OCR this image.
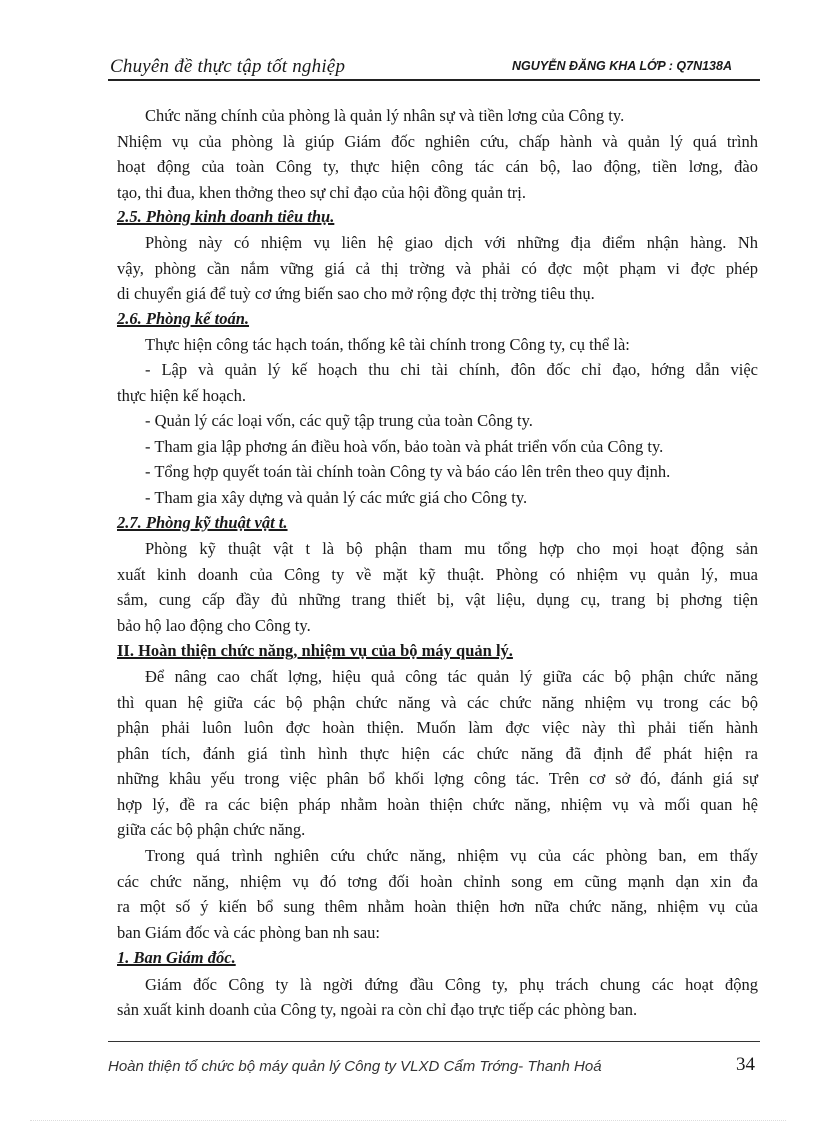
Chuyên đề thực tập tốt nghiệp	NGUYỄN ĐĂNG KHA LỚP : Q7N138A
Chức năng chính của phòng là quản lý nhân sự và tiền lơng của Công ty.
Nhiệm vụ của phòng là giúp Giám đốc nghiên cứu, chấp hành và quản lý quá trình
hoạt động của toàn Công ty, thực hiện công tác cán bộ, lao động, tiền lơng, đào
tạo, thi đua, khen thởng theo sự chỉ đạo của hội đồng quản trị.
2.5. Phòng kinh doanh tiêu thụ.
Phòng này có nhiệm vụ liên hệ giao dịch với những địa điểm nhận hàng. Nh
vậy, phòng cần nắm vững giá cả thị trờng và phải có đợc một phạm vi đợc phép
di chuyển giá để tuỳ cơ ứng biến sao cho mở rộng đợc thị trờng tiêu thụ.
2.6. Phòng kế toán.
Thực hiện công tác hạch toán, thống kê tài chính trong Công ty, cụ thể là:
- Lập và quản lý kế hoạch thu chi tài chính, đôn đốc chỉ đạo, hớng dẫn việc
thực hiện kế hoạch.
- Quản lý các loại vốn, các quỹ tập trung của toàn Công ty.
- Tham gia lập phơng án điều hoà vốn, bảo toàn và phát triển vốn của Công ty.
- Tổng hợp quyết toán tài chính toàn Công ty và báo cáo lên trên theo quy định.
- Tham gia xây dựng và quản lý các mức giá cho Công ty.
2.7. Phòng kỹ thuật vật t.
Phòng kỹ thuật vật t là bộ phận tham mu tổng hợp cho mọi hoạt động sản
xuất kinh doanh của Công ty về mặt kỹ thuật. Phòng có nhiệm vụ quản lý, mua
sắm, cung cấp đầy đủ những trang thiết bị, vật liệu, dụng cụ, trang bị phơng tiện
bảo hộ lao động cho Công ty.
II. Hoàn thiện chức năng, nhiệm vụ của bộ máy quản lý.
Để nâng cao chất lợng, hiệu quả công tác quản lý giữa các bộ phận chức năng
thì quan hệ giữa các bộ phận chức năng và các chức năng nhiệm vụ trong các bộ
phận phải luôn luôn đợc hoàn thiện. Muốn làm đợc việc này thì phải tiến hành
phân tích, đánh giá tình hình thực hiện các chức năng đã định để phát hiện ra
những khâu yếu trong việc phân bổ khối lợng công tác. Trên cơ sở đó, đánh giá sự
hợp lý, đề ra các biện pháp nhằm hoàn thiện chức năng, nhiệm vụ và mối quan hệ
giữa các bộ phận chức năng.
Trong quá trình nghiên cứu chức năng, nhiệm vụ của các phòng ban, em thấy
các chức năng, nhiệm vụ đó tơng đối hoàn chỉnh song em cũng mạnh dạn xin đa
ra một số ý kiến bổ sung thêm nhằm hoàn thiện hơn nữa chức năng, nhiệm vụ của
ban Giám đốc và các phòng ban nh sau:
1. Ban Giám đốc.
Giám đốc Công ty là ngời đứng đầu Công ty, phụ trách chung các hoạt động
sản xuất kinh doanh của Công ty, ngoài ra còn chỉ đạo trực tiếp các phòng ban.
Hoàn thiện tổ chức bộ máy quản lý Công ty VLXD Cẩm Trớng- Thanh Hoá	34
